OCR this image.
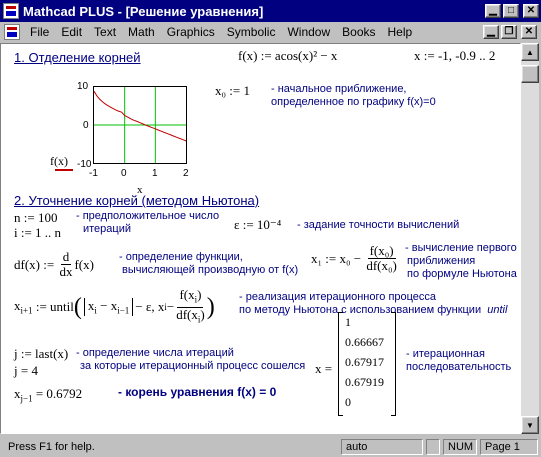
Mathcad PLUS - [Решение уравнения]	▁	□	✕
File	Edit	Text	Math	Graphics	Symbolic	Window	Books	Help	▁ ❐	✕
1. Отделение корней	f(x) := acos(x)² − x	x := -1, -0.9 .. 2
f(x)
10
0
-10
-1 0	1	2
x
x₀ := 1 - начальное приближение,
определенное по графику f(x)=0
2. Уточнение корней (методом Ньютона)
n := 100
i := 1 .. n
- предположительное число
итераций	ε := 10⁻⁴ - задание точности вычислений
df(x) :=
$\frac{d}{dx} f(x)$ - определение функции,
вычисляющей производную от f(x)
x₁ := x₀ −
$\frac{\text{f(x₀)}}{\text{df(x₀)}}$ - вычисление первого
приближения
по формуле Ньютона
$x_{i+1}$
:= until ( $x_i - x_{i-1} - \varepsilon$, x $i - \frac{f(x_i)}{df(x_i)}$ ) - реализация итерационного процесса
по методу Ньютона с использованием функции until
j := last(x)
j = 4
- определение числа итераций
за которые итерационный процесс сошелся x =
1
0.66667
0.67917
0.67919
0
- итерационная
последовательность
$x_{j-1} = 0.6792$	- корень уравнения f(x) = 0
▲
▼
Press F1 for help.	auto	NUM	Page 1
